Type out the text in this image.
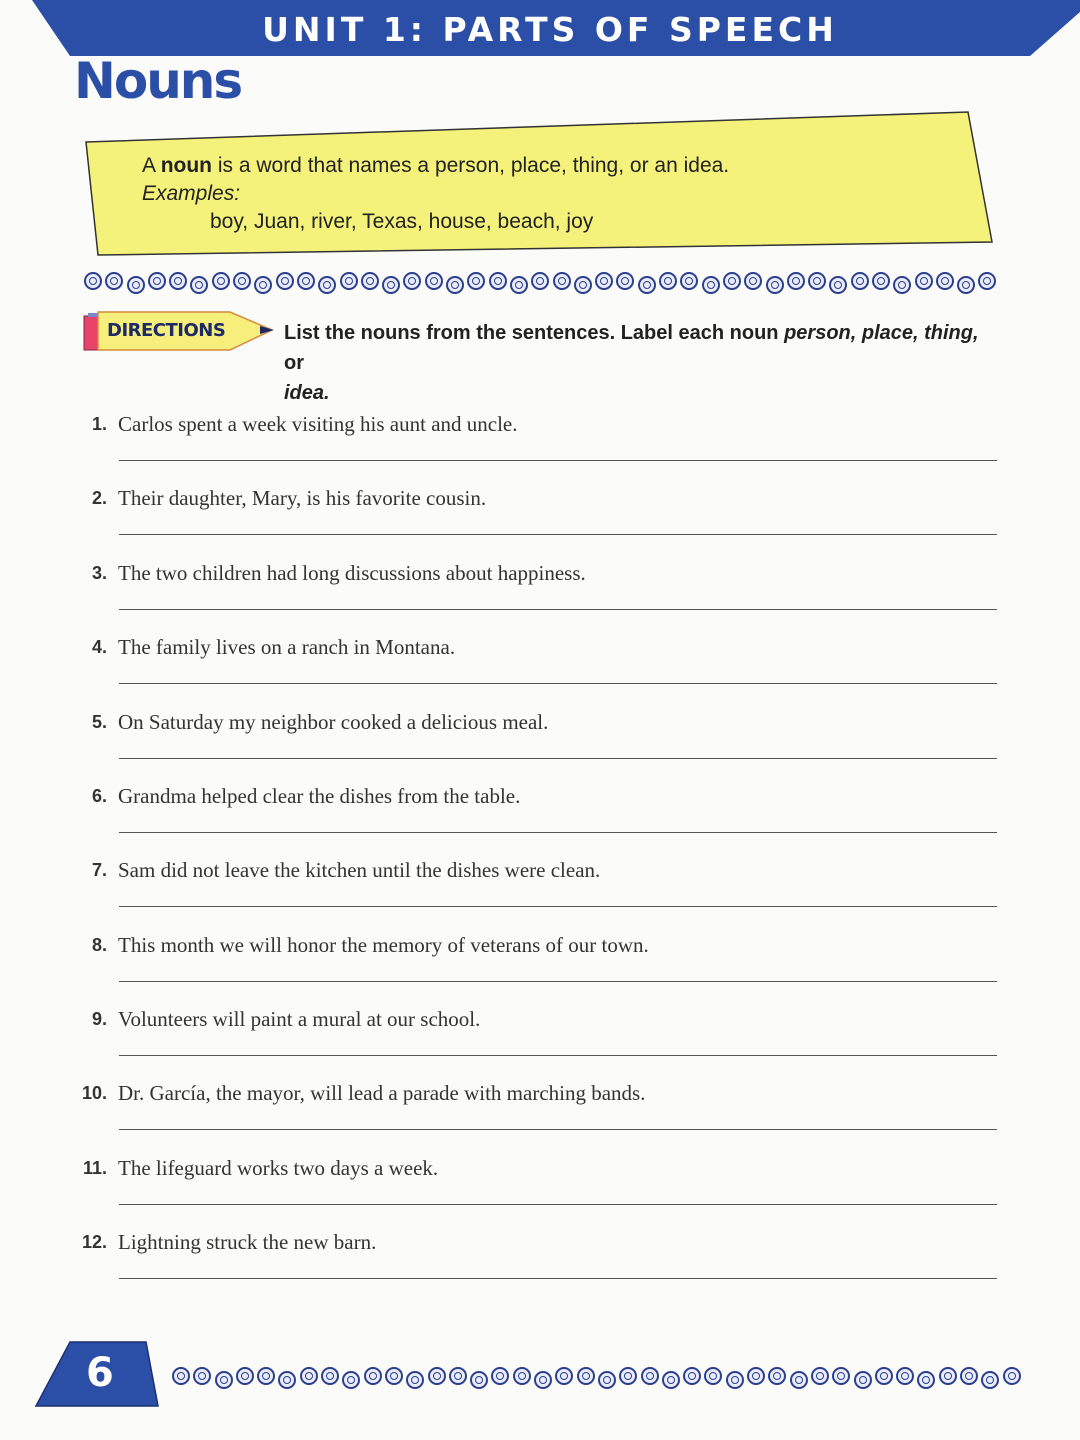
UNIT 1: PARTS OF SPEECH
Nouns
A noun is a word that names a person, place, thing, or an idea.
Examples:
boy, Juan, river, Texas, house, beach, joy
DIRECTIONS	List the nouns from the sentences. Label each noun person, place, thing, or
idea.
1. Carlos spent a week visiting his aunt and uncle.
2. Their daughter, Mary, is his favorite cousin.
3. The two children had long discussions about happiness.
4. The family lives on a ranch in Montana.
5. On Saturday my neighbor cooked a delicious meal.
6. Grandma helped clear the dishes from the table.
7. Sam did not leave the kitchen until the dishes were clean.
8. This month we will honor the memory of veterans of our town.
9. Volunteers will paint a mural at our school.
10. Dr. García, the mayor, will lead a parade with marching bands.
11. The lifeguard works two days a week.
12. Lightning struck the new barn.
6
